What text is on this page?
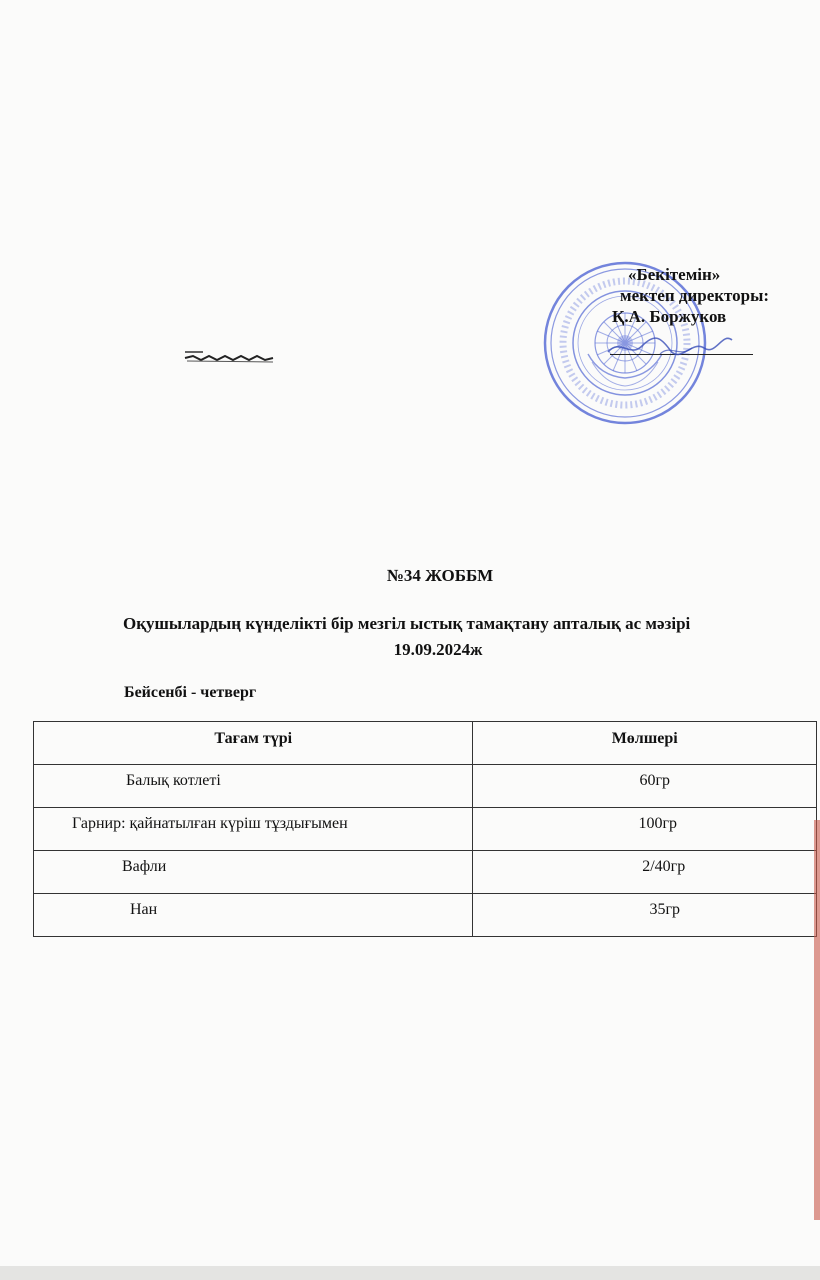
«Бекітемін»
мектеп директоры:
Қ.А. Боржуков
№34 ЖОББМ
Оқушылардың күнделікті бір мезгіл ыстық тамақтану апталық ас мәзірі
19.09.2024ж
Бейсенбі - четверг
Тағам түрі	Мөлшері
Балық котлеті	60гр
Гарнир: қайнатылған күріш тұздығымен	100гр
Вафли	2/40гр
Нан	35гр
